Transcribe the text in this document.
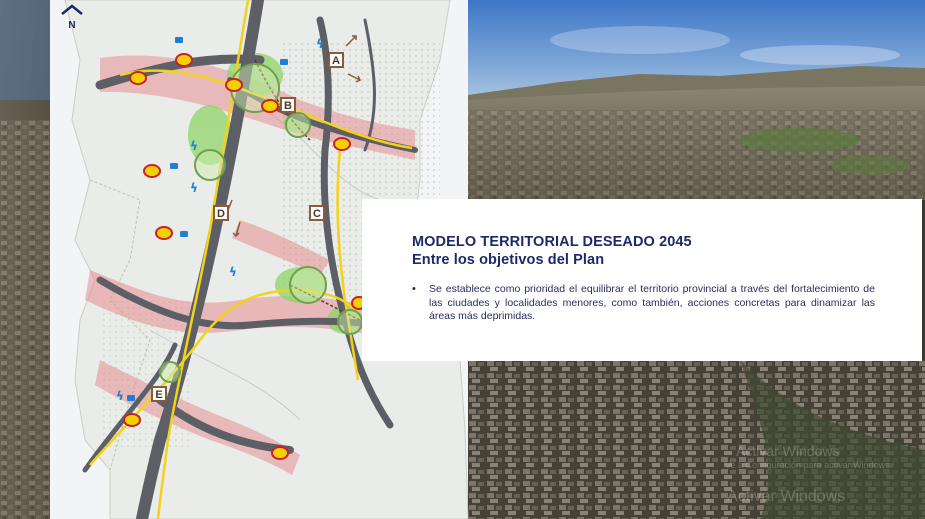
A
B
C
D
E
ϟ
ϟ
ϟ
ϟ
ϟ
N
MODELO TERRITORIAL DESEADO 2045
Entre los objetivos del Plan
• Se establece como prioridad el equilibrar el territorio provincial a través del fortalecimiento de las ciudades y localidades menores, como también, acciones concretas para dinamizar las áreas más deprimidas.
Activar Windows
Ve a Configuración para activar Windows.
Activar Windows
